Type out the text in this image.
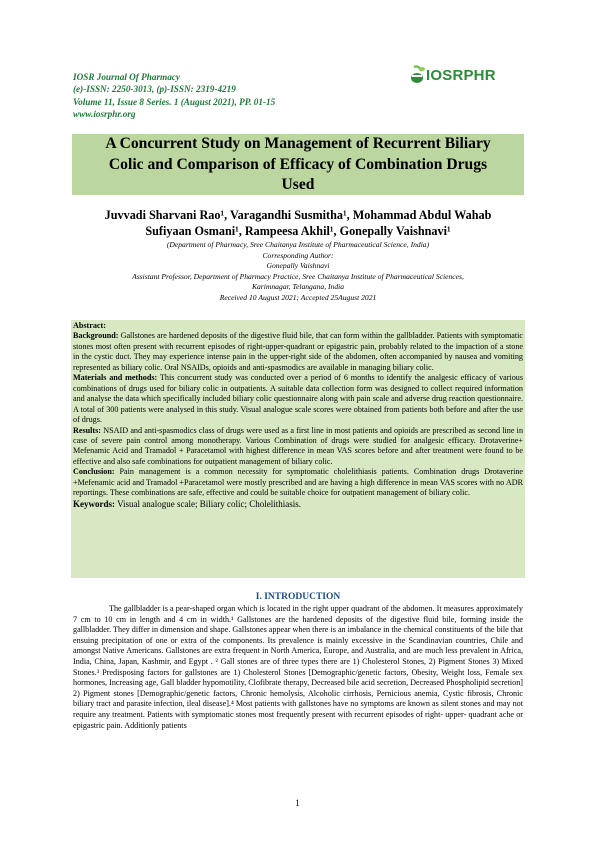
IOSR Journal Of Pharmacy
(e)-ISSN: 2250-3013, (p)-ISSN: 2319-4219
Volume 11, Issue 8 Series. 1 (August 2021), PP. 01-15
www.iosrphr.org
IOSRPHR
A Concurrent Study on Management of Recurrent Biliary
Colic and Comparison of Efficacy of Combination Drugs
Used
Juvvadi Sharvani Rao¹, Varagandhi Susmitha¹, Mohammad Abdul Wahab
Sufiyaan Osmani¹, Rampeesa Akhil¹, Gonepally Vaishnavi¹
(Department of Pharmacy, Sree Chaitanya Institute of Pharmaceutical Science, India)
Corresponding Author:
Gonepally Vaishnavi
Assistant Professor, Department of Pharmacy Practice, Sree Chaitanya Institute of Pharmaceutical Sciences,
Karimnagar, Telangana, India
Received 10 August 2021; Accepted 25August 2021

Abstract:

Background: Gallstones are hardened deposits of the digestive fluid bile, that can form within the gallbladder. Patients with symptomatic stones most often present with recurrent episodes of right-upper-quadrant or epigastric pain, probably related to the impaction of a stone in the cystic duct. They may experience intense pain in the upper-right side of the abdomen, often accompanied by nausea and vomiting represented as biliary colic. Oral NSAIDs, opioids and anti-spasmodics are available in managing biliary colic.

Materials and methods: This concurrent study was conducted over a period of 6 months to identify the analgesic efficacy of various combinations of drugs used for biliary colic in outpatients. A suitable data collection form was designed to collect required information and analyse the data which specifically included biliary colic questionnaire along with pain scale and adverse drug reaction questionnaire. A total of 300 patients were analysed in this study. Visual analogue scale scores were obtained from patients both before and after the use of drugs.

Results: NSAID and anti-spasmodics class of drugs were used as a first line in most patients and opioids are prescribed as second line in case of severe pain control among monotherapy. Various Combination of drugs were studied for analgesic efficacy. Drotaverine+ Mefenamic Acid and Tramadol + Paracetamol with highest difference in mean VAS scores before and after treatment were found to be effective and also safe combinations for outpatient management of biliary colic.

Conclusion: Pain management is a common necessity for symptomatic cholelithiasis patients. Combination drugs Drotaverine +Mefenamic acid and Tramadol +Paracetamol were mostly prescribed and are having a high difference in mean VAS scores with no ADR reportings. These combinations are safe, effective and could be suitable choice for outpatient management of biliary colic.

Keywords: Visual analogue scale; Biliary colic; Cholelithiasis.

I. INTRODUCTION

The gallbladder is a pear-shaped organ which is located in the right upper quadrant of the abdomen. It measures approximately 7 cm to 10 cm in length and 4 cm in width.¹ Gallstones are the hardened deposits of the digestive fluid bile, forming inside the gallbladder. They differ in dimension and shape. Gallstones appear when there is an imbalance in the chemical constituents of the bile that ensuing precipitation of one or extra of the components. Its prevalence is mainly excessive in the Scandinavian countries, Chile and amongst Native Americans. Gallstones are extra frequent in North America, Europe, and Australia, and are much less prevalent in Africa, India, China, Japan, Kashmir, and Egypt . ² Gall stones are of three types there are 1) Cholesterol Stones, 2) Pigment Stones 3) Mixed Stones.³ Predisposing factors for gallstones are 1) Cholesterol Stones [Demographic/genetic factors, Obesity, Weight loss, Female sex hormones, Increasing age, Gall bladder hypomotility, Clofibrate therapy, Decreased bile acid secretion, Decreased Phospholipid secretion] 2) Pigment stones [Demographic/genetic factors, Chronic hemolysis, Alcoholic cirrhosis, Pernicious anemia, Cystic fibrosis, Chronic biliary tract and parasite infection, ileal disease].⁴ Most patients with gallstones have no symptoms are known as silent stones and may not require any treatment. Patients with symptomatic stones most frequently present with recurrent episodes of right- upper- quadrant ache or epigastric pain. Additionly patients

1
